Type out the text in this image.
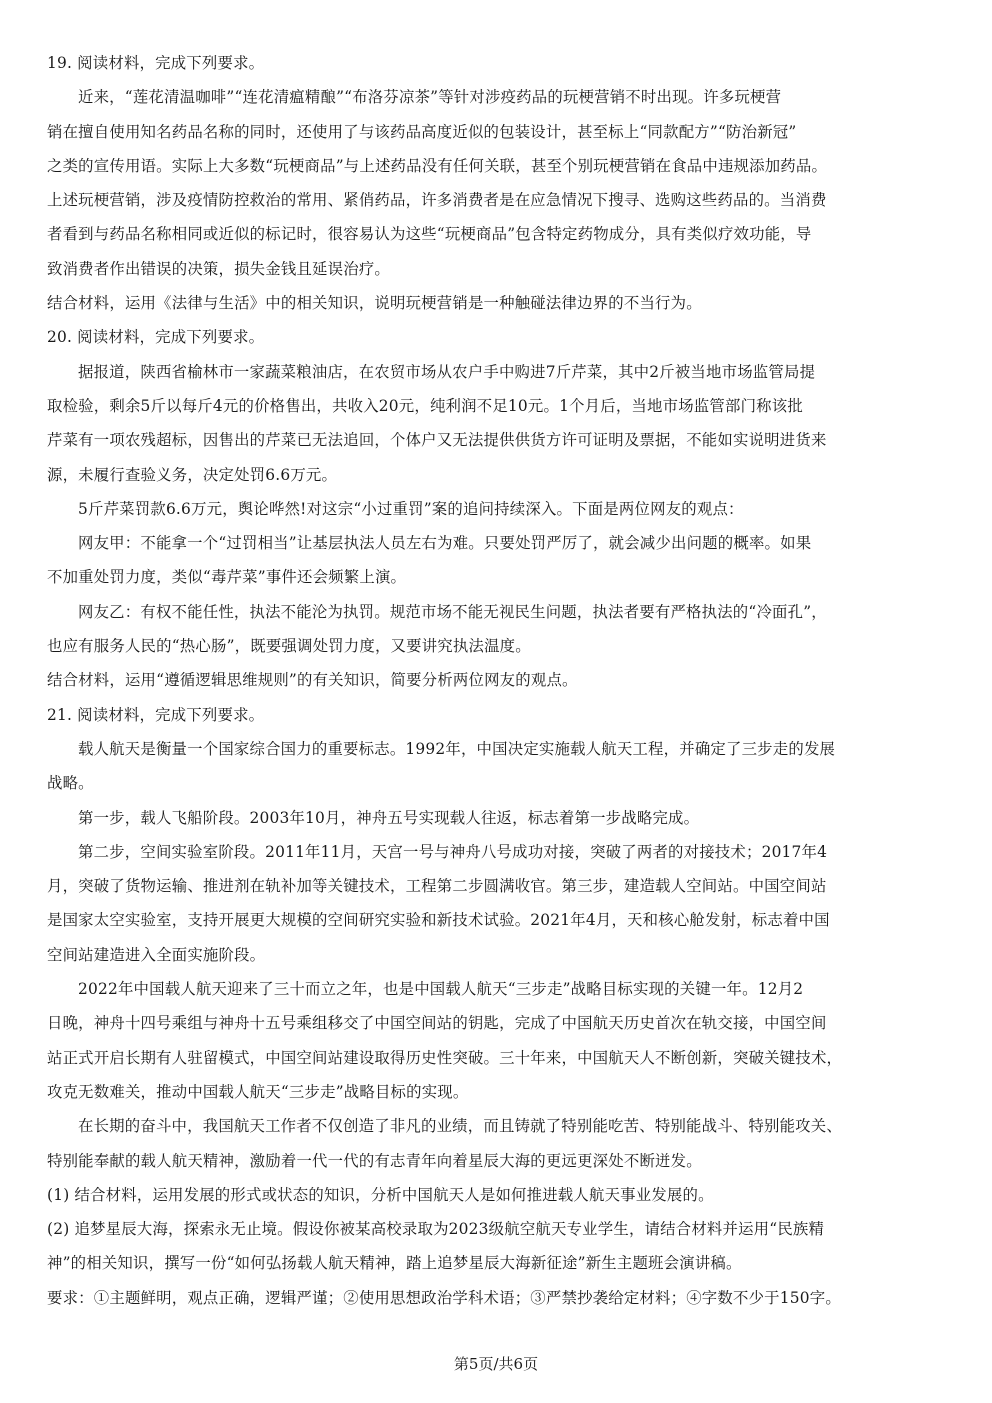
19. 阅读材料，完成下列要求。
近来，“莲花清温咖啡”“连花清瘟精酿”“布洛芬凉茶”等针对涉疫药品的玩梗营销不时出现。许多玩梗营
销在擅自使用知名药品名称的同时，还使用了与该药品高度近似的包装设计，甚至标上“同款配方”“防治新冠”
之类的宣传用语。实际上大多数“玩梗商品”与上述药品没有任何关联，甚至个别玩梗营销在食品中违规添加药品。
上述玩梗营销，涉及疫情防控救治的常用、紧俏药品，许多消费者是在应急情况下搜寻、选购这些药品的。当消费
者看到与药品名称相同或近似的标记时，很容易认为这些“玩梗商品”包含特定药物成分，具有类似疗效功能，导
致消费者作出错误的决策，损失金钱且延误治疗。
结合材料，运用《法律与生活》中的相关知识，说明玩梗营销是一种触碰法律边界的不当行为。
20. 阅读材料，完成下列要求。
据报道，陕西省榆林市一家蔬菜粮油店，在农贸市场从农户手中购进7斤芹菜，其中2斤被当地市场监管局提
取检验，剩余5斤以每斤4元的价格售出，共收入20元，纯利润不足10元。1个月后，当地市场监管部门称该批
芹菜有一项农残超标，因售出的芹菜已无法追回，个体户又无法提供供货方许可证明及票据，不能如实说明进货来
源，未履行查验义务，决定处罚6.6万元。
5斤芹菜罚款6.6万元，舆论哗然!对这宗“小过重罚”案的追问持续深入。下面是两位网友的观点：
网友甲：不能拿一个“过罚相当”让基层执法人员左右为难。只要处罚严厉了，就会减少出问题的概率。如果
不加重处罚力度，类似“毒芹菜”事件还会频繁上演。
网友乙：有权不能任性，执法不能沦为执罚。规范市场不能无视民生问题，执法者要有严格执法的“冷面孔”，
也应有服务人民的“热心肠”，既要强调处罚力度，又要讲究执法温度。
结合材料，运用“遵循逻辑思维规则”的有关知识，简要分析两位网友的观点。
21. 阅读材料，完成下列要求。
载人航天是衡量一个国家综合国力的重要标志。1992年，中国决定实施载人航天工程，并确定了三步走的发展
战略。
第一步，载人飞船阶段。2003年10月，神舟五号实现载人往返，标志着第一步战略完成。
第二步，空间实验室阶段。2011年11月，天宫一号与神舟八号成功对接，突破了两者的对接技术；2017年4
月，突破了货物运输、推进剂在轨补加等关键技术，工程第二步圆满收官。第三步，建造载人空间站。中国空间站
是国家太空实验室，支持开展更大规模的空间研究实验和新技术试验。2021年4月，天和核心舱发射，标志着中国
空间站建造进入全面实施阶段。
2022年中国载人航天迎来了三十而立之年，也是中国载人航天“三步走”战略目标实现的关键一年。12月2
日晚，神舟十四号乘组与神舟十五号乘组移交了中国空间站的钥匙，完成了中国航天历史首次在轨交接，中国空间
站正式开启长期有人驻留模式，中国空间站建设取得历史性突破。三十年来，中国航天人不断创新，突破关键技术，
攻克无数难关，推动中国载人航天“三步走”战略目标的实现。
在长期的奋斗中，我国航天工作者不仅创造了非凡的业绩，而且铸就了特别能吃苦、特别能战斗、特别能攻关、
特别能奉献的载人航天精神，激励着一代一代的有志青年向着星辰大海的更远更深处不断迸发。
(1) 结合材料，运用发展的形式或状态的知识，分析中国航天人是如何推进载人航天事业发展的。
(2) 追梦星辰大海，探索永无止境。假设你被某高校录取为2023级航空航天专业学生，请结合材料并运用“民族精
神”的相关知识，撰写一份“如何弘扬载人航天精神，踏上追梦星辰大海新征途”新生主题班会演讲稿。
要求：①主题鲜明，观点正确，逻辑严谨；②使用思想政治学科术语；③严禁抄袭给定材料；④字数不少于150字。
第5页/共6页
